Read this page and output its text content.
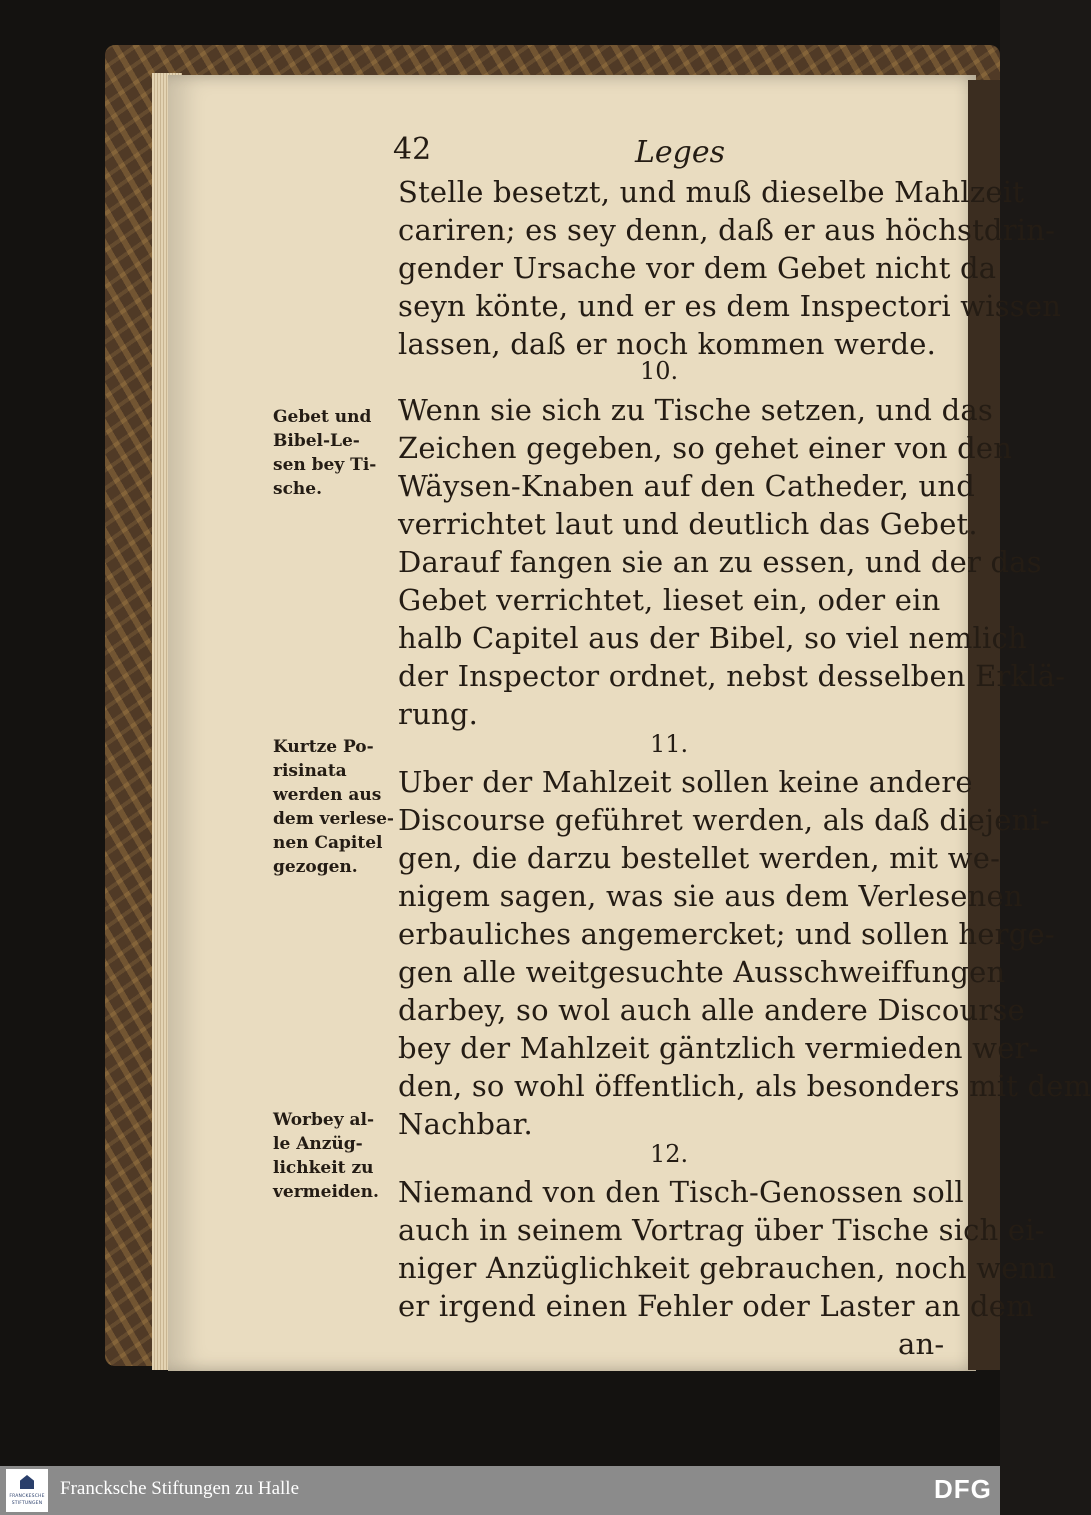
42	Leges
Stelle besetzt, und muß dieselbe Mahlzeit
cariren; es sey denn, daß er aus höchstdrin-
gender Ursache vor dem Gebet nicht da
seyn könte, und er es dem Inspectori wissen
lassen, daß er noch kommen werde.
Wenn sie sich zu Tische setzen, und das
Zeichen gegeben, so gehet einer von den
Wäysen-Knaben auf den Catheder, und
verrichtet laut und deutlich das Gebet.
Darauf fangen sie an zu essen, und der das
Gebet verrichtet, lieset ein, oder ein
halb Capitel aus der Bibel, so viel nemlich
der Inspector ordnet, nebst desselben Erklä-
rung.
Uber der Mahlzeit sollen keine andere
Discourse geführet werden, als daß diejeni-
gen, die darzu bestellet werden, mit we-
nigem sagen, was sie aus dem Verlesenen
erbauliches angemercket; und sollen herge-
gen alle weitgesuchte Ausschweiffungen
darbey, so wol auch alle andere Discourse
bey der Mahlzeit gäntzlich vermieden wer-
den, so wohl öffentlich, als besonders mit dem
Nachbar.
Niemand von den Tisch-Genossen soll
auch in seinem Vortrag über Tische sich ei-
niger Anzüglichkeit gebrauchen, noch wenn
er irgend einen Fehler oder Laster an dem
an-
10.
11.
12.
Gebet und
Bibel-Le-
sen bey Ti-
sche.
Kurtze Po-
risinata
werden aus
dem verlese-
nen Capitel
gezogen.
Worbey al-
le Anzüg-
lichkeit zu
vermeiden.
FRANCKESCHE
STIFTUNGEN
Francksche Stiftungen zu Halle	DFG
